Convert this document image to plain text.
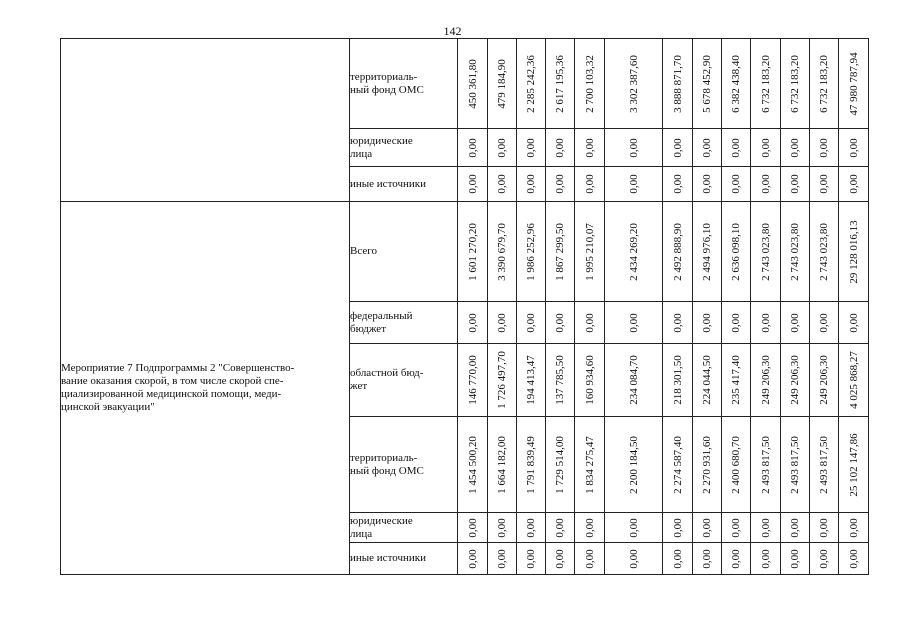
142
	территориаль-
ный фонд ОМС	450 361,80	479 184,90	2 285 242,36	2 617 195,36	2 700 103,32	3 302 387,60	3 888 871,70	5 678 452,90	6 382 438,40	6 732 183,20	6 732 183,20	6 732 183,20	47 980 787,94

	юридические
лица	0,00	0,00	0,00	0,00	0,00	0,00	0,00	0,00	0,00	0,00	0,00	0,00	0,00

	иные источники	0,00	0,00	0,00	0,00	0,00	0,00	0,00	0,00	0,00	0,00	0,00	0,00	0,00

Мероприятие 7 Подпрограммы 2 "Совершенство-
вание оказания скорой, в том числе скорой спе-
циализированной медицинской помощи, меди-
цинской эвакуации"	Всего	1 601 270,20	3 390 679,70	1 986 252,96	1 867 299,50	1 995 210,07	2 434 269,20	2 492 888,90	2 494 976,10	2 636 098,10	2 743 023,80	2 743 023,80	2 743 023,80	29 128 016,13

	федеральный
бюджет	0,00	0,00	0,00	0,00	0,00	0,00	0,00	0,00	0,00	0,00	0,00	0,00	0,00

	областной бюд-
жет	146 770,00	1 726 497,70	194 413,47	137 785,50	160 934,60	234 084,70	218 301,50	224 044,50	235 417,40	249 206,30	249 206,30	249 206,30	4 025 868,27

	территориаль-
ный фонд ОМС	1 454 500,20	1 664 182,00	1 791 839,49	1 729 514,00	1 834 275,47	2 200 184,50	2 274 587,40	2 270 931,60	2 400 680,70	2 493 817,50	2 493 817,50	2 493 817,50	25 102 147,86

	юридические
лица	0,00	0,00	0,00	0,00	0,00	0,00	0,00	0,00	0,00	0,00	0,00	0,00	0,00

	иные источники	0,00	0,00	0,00	0,00	0,00	0,00	0,00	0,00	0,00	0,00	0,00	0,00	0,00
